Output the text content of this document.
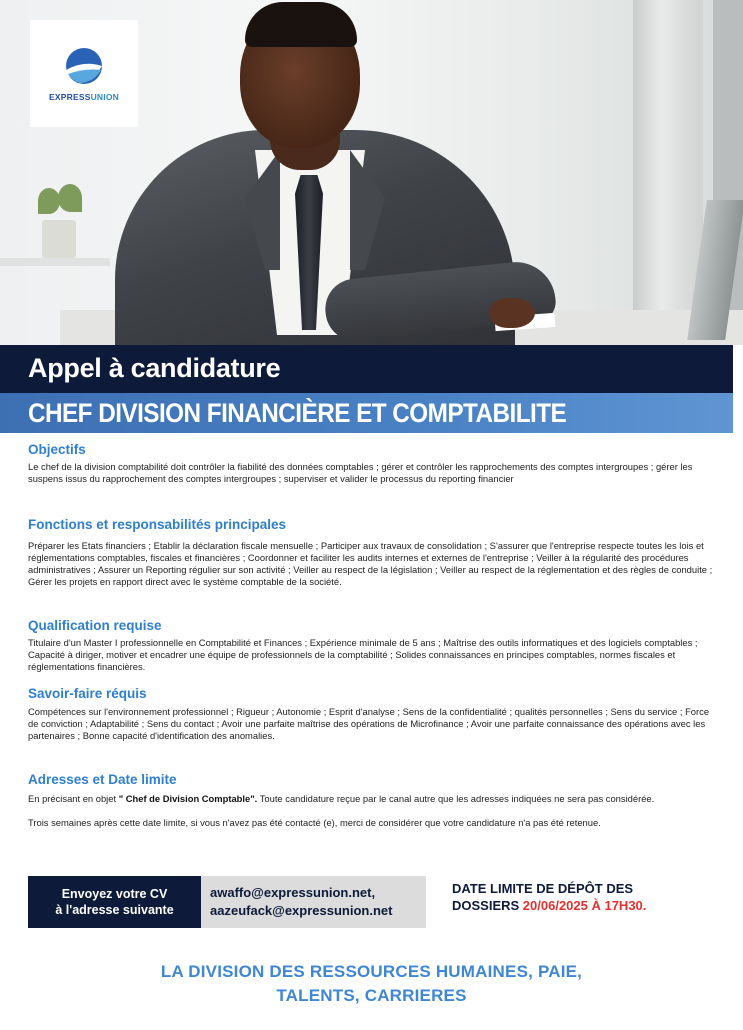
EXPRESSUNION
Appel à candidature
CHEF DIVISION FINANCIÈRE ET COMPTABILITE
Objectifs

Le chef de la division comptabilité doit contrôler la fiabilité des données comptables ; gérer et contrôler les rapprochements des comptes intergroupes ; gérer les suspens issus du rapprochement des comptes intergroupes ; superviser et valider le processus du reporting financier

Fonctions et responsabilités principales

Préparer les Etats financiers ; Etablir la déclaration fiscale mensuelle ; Participer aux travaux de consolidation ; S'assurer que l'entreprise respecte toutes les lois et réglementations comptables, fiscales et financières ; Coordonner et faciliter les audits internes et externes de l'entreprise ; Veiller à la régularité des procédures administratives ; Assurer un Reporting régulier sur son activité ; Veiller au respect de la législation ; Veiller au respect de la réglementation et des règles de conduite ; Gérer les projets en rapport direct avec le système comptable de la société.

Qualification requise

Titulaire d'un Master I professionnelle en Comptabilité et Finances ; Expérience minimale de 5 ans ; Maîtrise des outils informatiques et des logiciels comptables ; Capacité à diriger, motiver et encadrer une équipe de professionnels de la comptabilité ; Solides connaissances en principes comptables, normes fiscales et réglementations financières.

Savoir-faire réquis

Compétences sur l'environnement professionnel ; Rigueur ; Autonomie ; Esprit d'analyse ; Sens de la confidentialité ; qualités personnelles ; Sens du service ; Force de conviction ; Adaptabilité ; Sens du contact ; Avoir une parfaite maîtrise des opérations de Microfinance ; Avoir une parfaite connaissance des opérations avec les partenaires ; Bonne capacité d'identification des anomalies.

Adresses et Date limite

En précisant en objet " Chef de Division Comptable". Toute candidature reçue par le canal autre que les adresses indiquées ne sera pas considérée.

Trois semaines après cette date limite, si vous n'avez pas été contacté (e), merci de considérer que votre candidature n'a pas été retenue.

Envoyez votre CV
à l'adresse suivante
awaffo@expressunion.net,
aazeufack@expressunion.net
DATE LIMITE DE DÉPÔT DES
DOSSIERS 20/06/2025 À 17H30.
LA DIVISION DES RESSOURCES HUMAINES, PAIE,
TALENTS, CARRIERES
